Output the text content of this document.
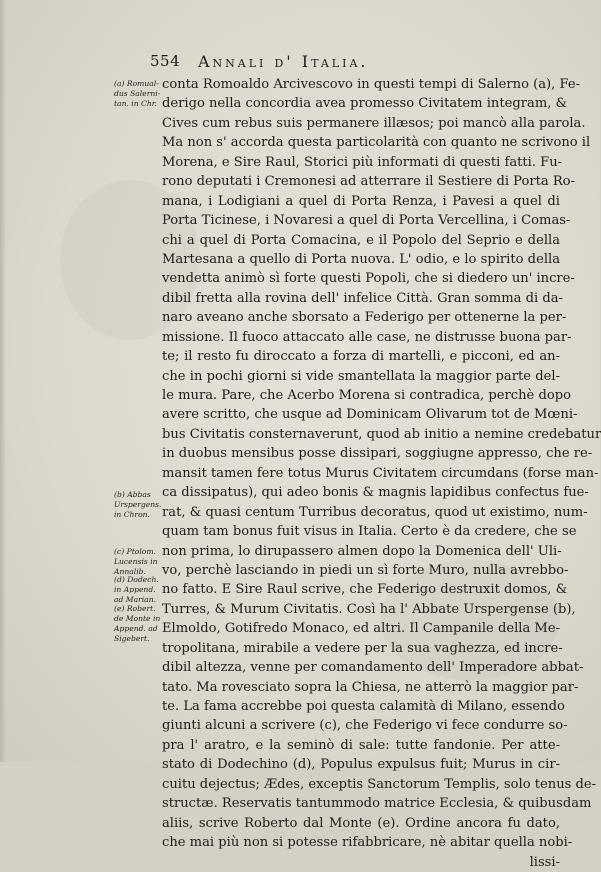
554 Annali d' Italia.
(a) Romual-
dus Salerni-
tan. in Chr.
(b) Abbas
Urspergens.
in Chron.
(c) Ptolom.
Lucensis in
Annalib.
(d) Dodech.
in Append.
ad Marian.
(e) Robert.
de Monte in
Append. ad
Sigebert.
conta Romoaldo Arcivescovo in questi tempi di Salerno (a), Fe-
derigo nella concordia avea promesso Civitatem integram, &
Cives cum rebus suis permanere illæsos; poi mancò alla parola.
Ma non s' accorda questa particolarità con quanto ne scrivono il
Morena, e Sire Raul, Storici più informati di questi fatti. Fu-
rono deputati i Cremonesi ad atterrare il Sestiere di Porta Ro-
mana, i Lodigiani a quel di Porta Renza, i Pavesi a quel di
Porta Ticinese, i Novaresi a quel di Porta Vercellina, i Comas-
chi a quel di Porta Comacina, e il Popolo del Seprio e della
Martesana a quello di Porta nuova. L' odio, e lo spirito della
vendetta animò sì forte questi Popoli, che si diedero un' incre-
dibil fretta alla rovina dell' infelice Città. Gran somma di da-
naro aveano anche sborsato a Federigo per ottenerne la per-
missione. Il fuoco attaccato alle case, ne distrusse buona par-
te; il resto fu diroccato a forza di martelli, e picconi, ed an-
che in pochi giorni si vide smantellata la maggior parte del-
le mura. Pare, che Acerbo Morena si contradica, perchè dopo
avere scritto, che usque ad Dominicam Olivarum tot de Mœni-
bus Civitatis consternaverunt, quod ab initio a nemine credebatur
in duobus mensibus posse dissipari, soggiugne appresso, che re-
mansit tamen fere totus Murus Civitatem circumdans (forse man-
ca dissipatus), qui adeo bonis & magnis lapidibus confectus fue-
rat, & quasi centum Turribus decoratus, quod ut existimo, num-
quam tam bonus fuit visus in Italia. Certo è da credere, che se
non prima, lo dirupassero almen dopo la Domenica dell' Uli-
vo, perchè lasciando in piedi un sì forte Muro, nulla avrebbo-
no fatto. E Sire Raul scrive, che Federigo destruxit domos, &
Turres, & Murum Civitatis. Così ha l' Abbate Urspergense (b),
Elmoldo, Gotifredo Monaco, ed altri. Il Campanile della Me-
tropolitana, mirabile a vedere per la sua vaghezza, ed incre-
dibil altezza, venne per comandamento dell' Imperadore abbat-
tato. Ma rovesciato sopra la Chiesa, ne atterrò la maggior par-
te. La fama accrebbe poi questa calamità di Milano, essendo
giunti alcuni a scrivere (c), che Federigo vi fece condurre so-
pra l' aratro, e la seminò di sale: tutte fandonie. Per atte-
stato di Dodechino (d), Populus expulsus fuit; Murus in cir-
cuitu dejectus; Ædes, exceptis Sanctorum Templis, solo tenus de-
structæ. Reservatis tantummodo matrice Ecclesia, & quibusdam
aliis, scrive Roberto dal Monte (e). Ordine ancora fu dato,
che mai più non si potesse rifabbricare, nè abitar quella nobi-
lissi-
